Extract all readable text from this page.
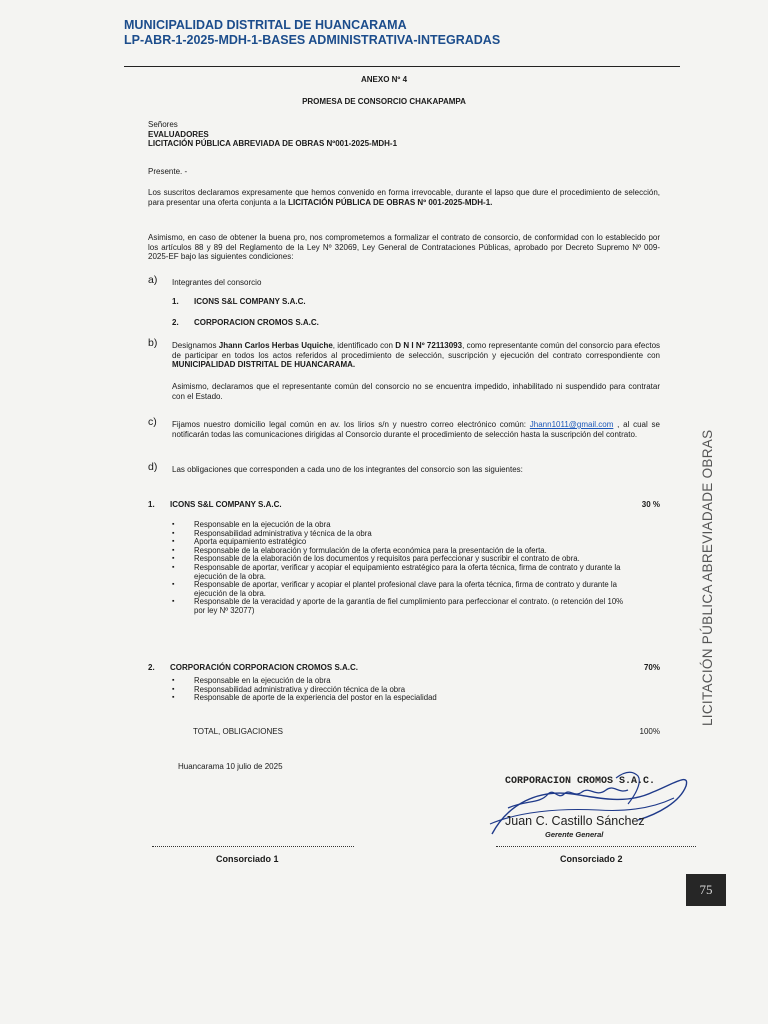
MUNICIPALIDAD DISTRITAL DE HUANCARAMA
LP-ABR-1-2025-MDH-1-BASES ADMINISTRATIVA-INTEGRADAS
ANEXO Nº 4
PROMESA DE CONSORCIO CHAKAPAMPA
Señores
EVALUADORES
LICITACIÓN PÚBLICA ABREVIADA DE OBRAS Nº001-2025-MDH-1
Presente. -
Los suscritos declaramos expresamente que hemos convenido en forma irrevocable, durante el lapso que dure el procedimiento de selección, para presentar una oferta conjunta a la LICITACIÓN PÚBLICA DE OBRAS Nº 001-2025-MDH-1.
Asimismo, en caso de obtener la buena pro, nos comprometemos a formalizar el contrato de consorcio, de conformidad con lo establecido por los artículos 88 y 89 del Reglamento de la Ley Nº 32069, Ley General de Contrataciones Públicas, aprobado por Decreto Supremo Nº 009-2025-EF bajo las siguientes condiciones:
a) Integrantes del consorcio
1. ICONS S&L COMPANY S.A.C.
2. CORPORACION CROMOS S.A.C.
b) Designamos Jhann Carlos Herbas Uquiche, identificado con D N I Nº 72113093, como representante común del consorcio para efectos de participar en todos los actos referidos al procedimiento de selección, suscripción y ejecución del contrato correspondiente con MUNICIPALIDAD DISTRITAL DE HUANCARAMA.
Asimismo, declaramos que el representante común del consorcio no se encuentra impedido, inhabilitado ni suspendido para contratar con el Estado.
c) Fijamos nuestro domicilio legal común en av. los lirios s/n y nuestro correo electrónico común: Jhann1011@gmail.com , al cual se notificarán todas las comunicaciones dirigidas al Consorcio durante el procedimiento de selección hasta la suscripción del contrato.
d) Las obligaciones que corresponden a cada uno de los integrantes del consorcio son las siguientes:
1. ICONS S&L COMPANY S.A.C.	30 %
▪ Responsable en la ejecución de la obra
▪ Responsabilidad administrativa y técnica de la obra
▪ Aporta equipamiento estratégico
▪ Responsable de la elaboración y formulación de la oferta económica para la presentación de la oferta.
▪ Responsable de la elaboración de los documentos y requisitos para perfeccionar y suscribir el contrato de obra.
▪ Responsable de aportar, verificar y acopiar el equipamiento estratégico para la oferta técnica, firma de contrato y durante la ejecución de la obra.
▪ Responsable de aportar, verificar y acopiar el plantel profesional clave para la oferta técnica, firma de contrato y durante la ejecución de la obra.
▪ Responsable de la veracidad y aporte de la garantía de fiel cumplimiento para perfeccionar el contrato. (o retención del 10% por ley Nº 32077)
2. CORPORACIÓN CORPORACION CROMOS S.A.C.	70%
▪ Responsable en la ejecución de la obra
▪ Responsabilidad administrativa y dirección técnica de la obra
▪ Responsable de aporte de la experiencia del postor en la especialidad
TOTAL, OBLIGACIONES	100%
Huancarama 10 julio de 2025
CORPORACION CROMOS S.A.C.
Juan C. Castillo Sánchez
Gerente General
Consorciado 1	Consorciado 2
LICITACIÓN PÚBLICA ABREVIADADE OBRAS
75
